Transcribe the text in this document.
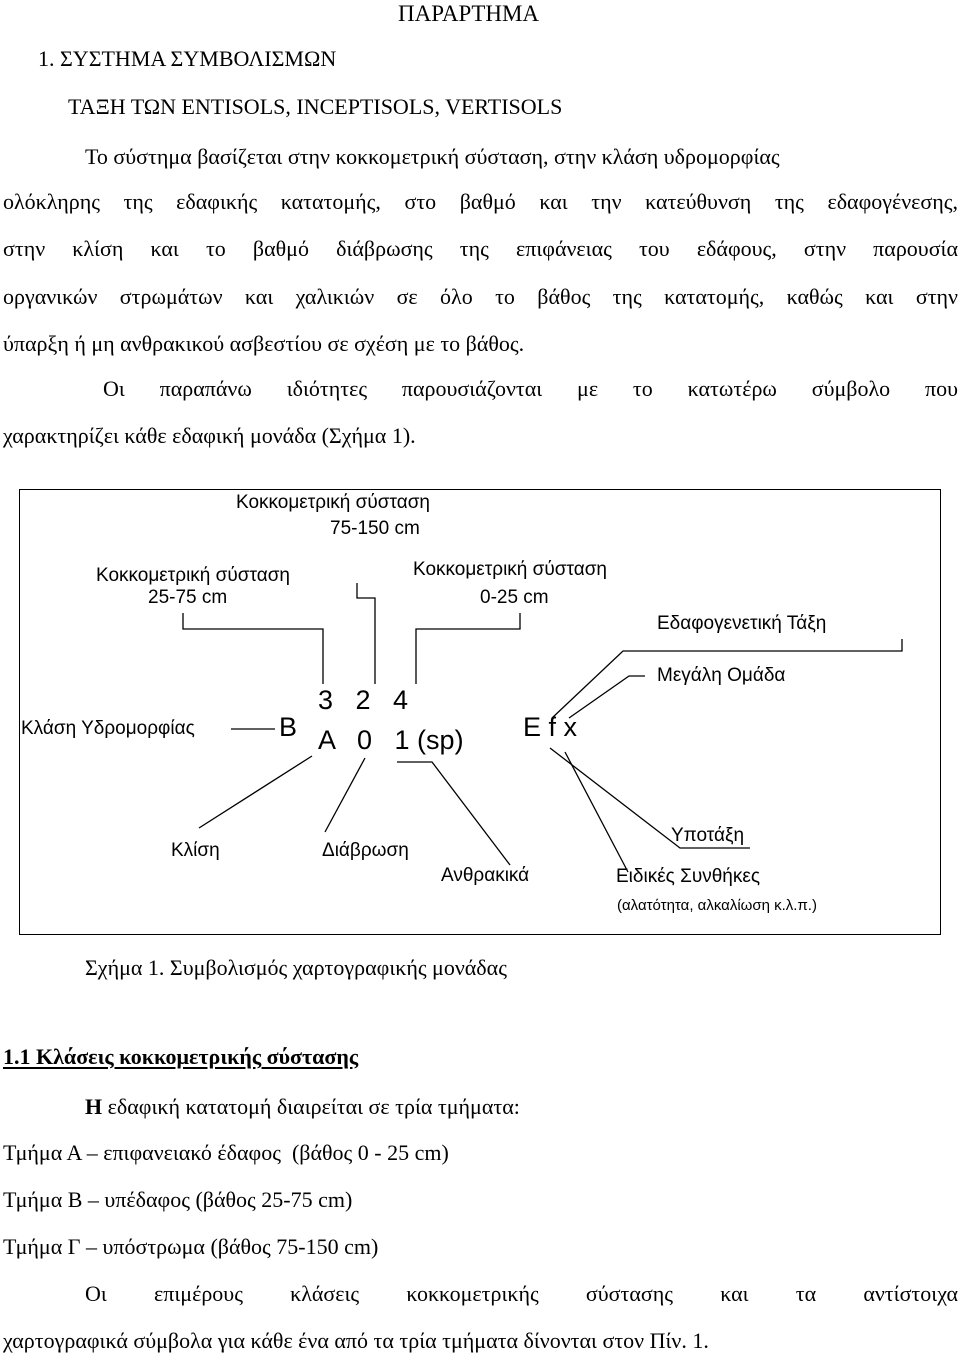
ΠΑΡΑΡΤΗΜΑ
1. ΣΥΣΤΗΜΑ ΣΥΜΒΟΛΙΣΜΩΝ
ΤΑΞΗ ΤΩΝ ENTISOLS, INCEPTISOLS, VERTISOLS

Το σύστημα βασίζεται στην κοκκομετρική σύσταση, στην κλάση υδρομορφίας

ολόκληρης της εδαφικής κατατομής, στο βαθμό και την κατεύθυνση της εδαφογένεσης,

στην κλίση και το βαθμό διάβρωσης της επιφάνειας του εδάφους, στην παρουσία

οργανικών στρωμάτων και χαλικιών σε όλο το βάθος της κατατομής, καθώς και στην

ύπαρξη ή μη ανθρακικού ασβεστίου σε σχέση με το βάθος.

Οι παραπάνω ιδιότητες παρουσιάζονται με το κατωτέρω σύμβολο που

χαρακτηρίζει κάθε εδαφική μονάδα (Σχήμα 1).

Κοκκομετρική σύσταση
75-150 cm
Κοκκομετρική σύσταση
25-75 cm
Κοκκομετρική σύσταση
0-25 cm
Εδαφογενετική Τάξη
Μεγάλη Ομάδα
Κλάση Υδρομορφίας	B
3   2   4
A   0   1 (sp) E f x
Κλίση	Διάβρωση
Ανθρακικά
Υποτάξη
Ειδικές Συνθήκες
(αλατότητα, αλκαλίωση κ.λ.π.)
Σχήμα 1. Συμβολισμός χαρτογραφικής μονάδας
1.1 Κλάσεις κοκκομετρικής σύστασης
Η εδαφική κατατομή διαιρείται σε τρία τμήματα:
Τμήμα Α – επιφανειακό έδαφος  (βάθος 0 - 25 cm)
Τμήμα Β – υπέδαφος (βάθος 25-75 cm)
Τμήμα Γ – υπόστρωμα (βάθος 75-150 cm)

Οι επιμέρους κλάσεις κοκκομετρικής σύστασης και τα αντίστοιχα

χαρτογραφικά σύμβολα για κάθε ένα από τα τρία τμήματα δίνονται στον Πίν. 1.
